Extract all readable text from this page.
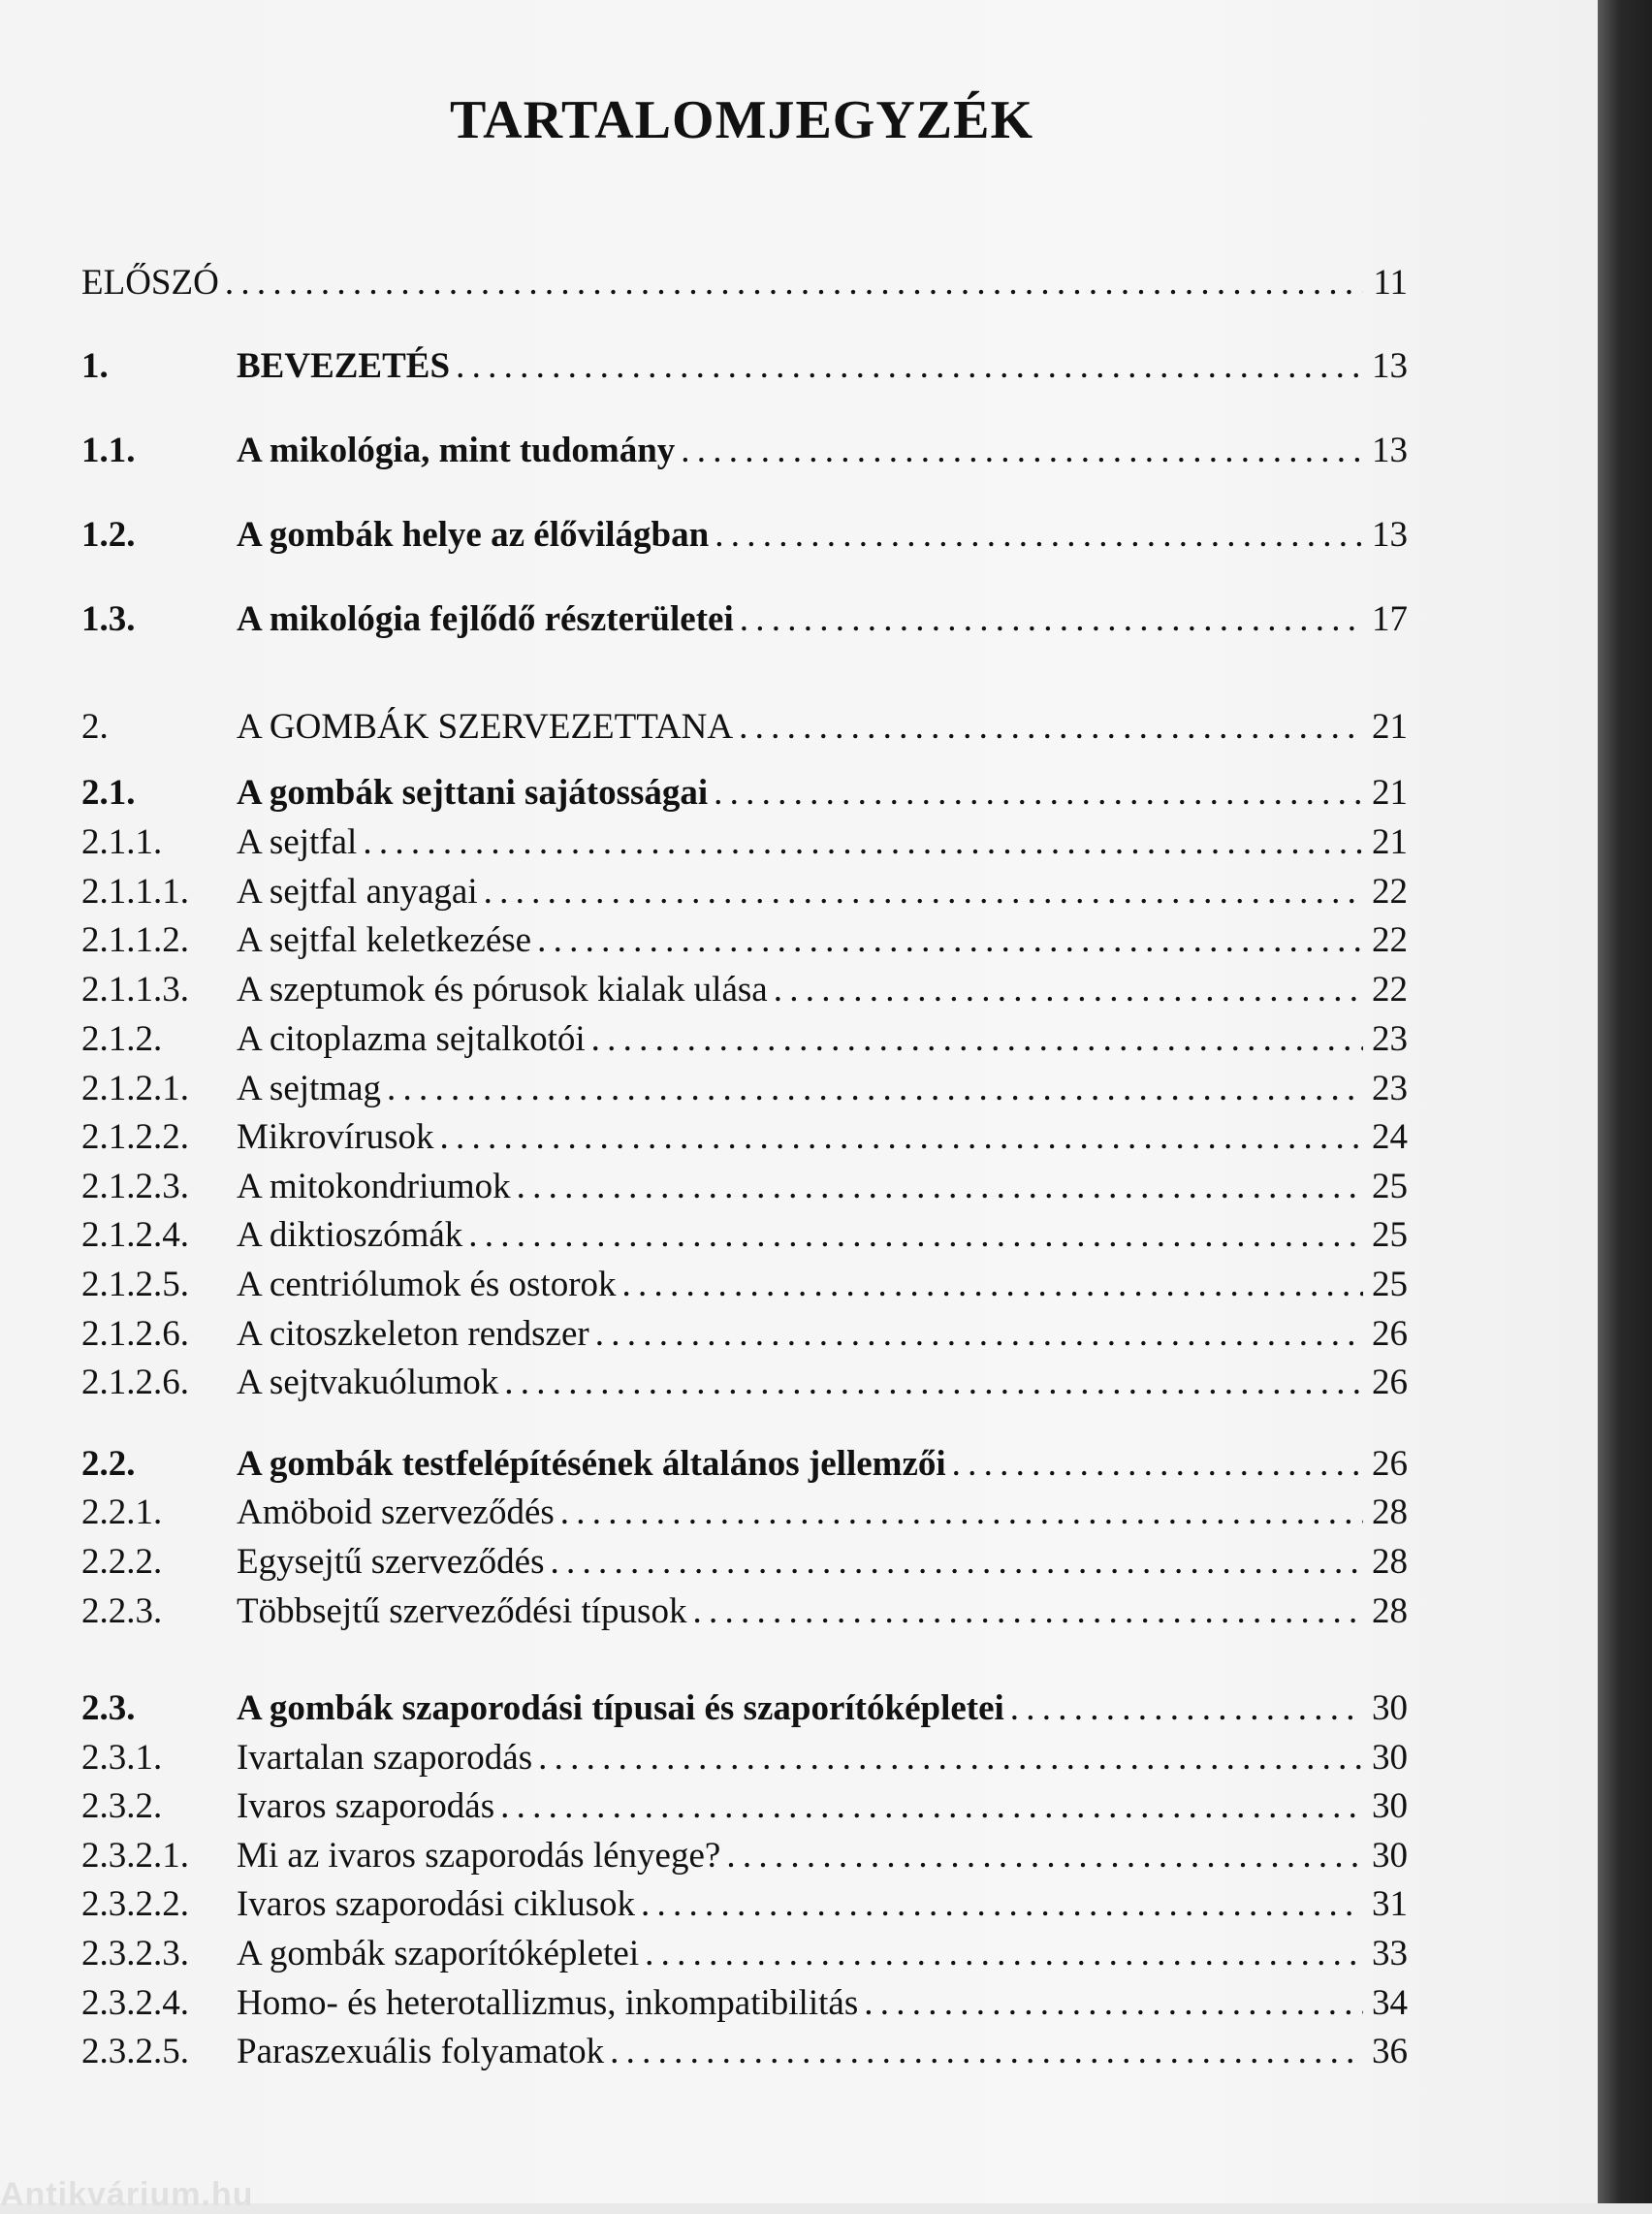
TARTALOMJEGYZÉK
ELŐSZÓ . . .	11
1.	BEVEZETÉS . . .	13
1.1.	A mikológia, mint tudomány . . .	13
1.2.	A gombák helye az élővilágban . . .	13
1.3.	A mikológia fejlődő részterületei . . .	17
2.	A GOMBÁK SZERVEZETTANA . . .	21
2.1.	A gombák sejttani sajátosságai . . .	21
2.1.1.	A sejtfal . . .	21
2.1.1.1.	A sejtfal anyagai . . .	22
2.1.1.2.	A sejtfal keletkezése . . .	22
2.1.1.3.	A szeptumok és pórusok kialak ulása . . .	22
2.1.2.	A citoplazma sejtalkotói . . .	23
2.1.2.1.	A sejtmag . . .	23
2.1.2.2.	Mikrovírusok . . .	24
2.1.2.3.	A mitokondriumok . . .	25
2.1.2.4.	A diktioszómák . . .	25
2.1.2.5.	A centriólumok és ostorok . . .	25
2.1.2.6.	A citoszkeleton rendszer . . .	26
2.1.2.6.	A sejtvakuólumok . . .	26
2.2.	A gombák testfelépítésének általános jellemzői . . .	26
2.2.1.	Amöboid szerveződés . . .	28
2.2.2.	Egysejtű szerveződés . . .	28
2.2.3.	Többsejtű szerveződési típusok . . .	28
2.3.	A gombák szaporodási típusai és szaporítóképletei . . .	30
2.3.1.	Ivartalan szaporodás . . .	30
2.3.2.	Ivaros szaporodás . . .	30
2.3.2.1.	Mi az ivaros szaporodás lényege? . . .	30
2.3.2.2.	Ivaros szaporodási ciklusok . . .	31
2.3.2.3.	A gombák szaporítóképletei . . .	33
2.3.2.4.	Homo- és heterotallizmus, inkompatibilitás . . .	34
2.3.2.5.	Paraszexuális folyamatok . . .	36
Antikvárium.hu
